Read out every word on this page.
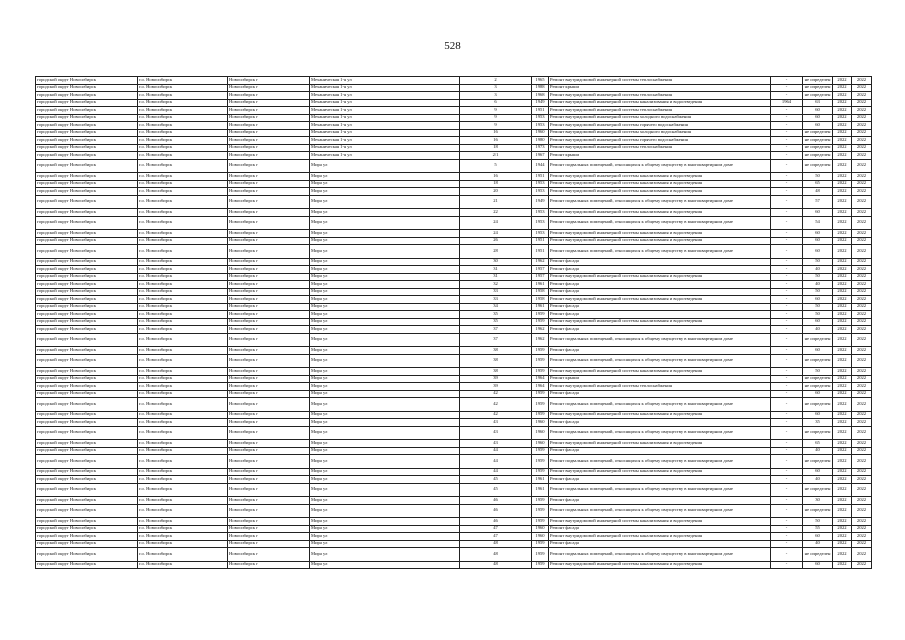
528
городской округ Новосибирск	г.о. Новосибирск	Новосибирск г	Механическая 1-я ул	2	1965	Ремонт внутридомовой инженерной системы теплоснабжения	-	не определен	2022	2022
городской округ Новосибирск	г.о. Новосибирск	Новосибирск г	Механическая 1-я ул	3	1988	Ремонт крыши	-	не определен	2022	2022
городской округ Новосибирск	г.о. Новосибирск	Новосибирск г	Механическая 1-я ул	3	1968	Ремонт внутридомовой инженерной системы теплоснабжения	-	не определен	2022	2022
городской округ Новосибирск	г.о. Новосибирск	Новосибирск г	Механическая 1-я ул	6	1949	Ремонт внутридомовой инженерной системы канализования и водоотведения	1964	63	2022	2022
городской округ Новосибирск	г.о. Новосибирск	Новосибирск г	Механическая 1-я ул	9	1951	Ремонт внутридомовой инженерной системы теплоснабжения	-	60	2022	2022
городской округ Новосибирск	г.о. Новосибирск	Новосибирск г	Механическая 1-я ул	9	1953	Ремонт внутридомовой инженерной системы холодного водоснабжения	-	60	2022	2022
городской округ Новосибирск	г.о. Новосибирск	Новосибирск г	Механическая 1-я ул	9	1953	Ремонт внутридомовой инженерной системы горячего водоснабжения	-	60	2022	2022
городской округ Новосибирск	г.о. Новосибирск	Новосибирск г	Механическая 1-я ул	16	1960	Ремонт внутридомовой инженерной системы холодного водоснабжения	-	не определен	2022	2022
городской округ Новосибирск	г.о. Новосибирск	Новосибирск г	Механическая 1-я ул	16	1980	Ремонт внутридомовой инженерной системы горячего водоснабжения	-	не определен	2022	2022
городской округ Новосибирск	г.о. Новосибирск	Новосибирск г	Механическая 1-я ул	18	1973	Ремонт внутридомовой инженерной системы теплоснабжения	-	не определен	2022	2022
городской округ Новосибирск	г.о. Новосибирск	Новосибирск г	Механическая 1-я ул	2/1	1967	Ремонт крыши	-	не определен	2022	2022
городской округ Новосибирск	г.о. Новосибирск	Новосибирск г	Мира ул	5	1944	Ремонт подвальных помещений, относящихся к общему имуществу в многоквартирном доме	-	не определен	2022	2022
городской округ Новосибирск	г.о. Новосибирск	Новосибирск г	Мира ул	16	1951	Ремонт внутридомовой инженерной системы канализования и водоотведения	-	50	2022	2022
городской округ Новосибирск	г.о. Новосибирск	Новосибирск г	Мира ул	18	1953	Ремонт внутридомовой инженерной системы канализования и водоотведения	-	65	2022	2022
городской округ Новосибирск	г.о. Новосибирск	Новосибирск г	Мира ул	20	1953	Ремонт внутридомовой инженерной системы канализования и водоотведения	-	48	2022	2022
городской округ Новосибирск	г.о. Новосибирск	Новосибирск г	Мира ул	21	1949	Ремонт подвальных помещений, относящихся к общему имуществу в многоквартирном доме	-	57	2022	2022
городской округ Новосибирск	г.о. Новосибирск	Новосибирск г	Мира ул	22	1953	Ремонт внутридомовой инженерной системы канализования и водоотведения	-	60	2022	2022
городской округ Новосибирск	г.о. Новосибирск	Новосибирск г	Мира ул	24	1953	Ремонт подвальных помещений, относящихся к общему имуществу в многоквартирном доме	-	54	2022	2022
городской округ Новосибирск	г.о. Новосибирск	Новосибирск г	Мира ул	24	1953	Ремонт внутридомовой инженерной системы канализования и водоотведения	-	60	2022	2022
городской округ Новосибирск	г.о. Новосибирск	Новосибирск г	Мира ул	26	1951	Ремонт внутридомовой инженерной системы канализования и водоотведения	-	60	2022	2022
городской округ Новосибирск	г.о. Новосибирск	Новосибирск г	Мира ул	28	1951	Ремонт подвальных помещений, относящихся к общему имуществу в многоквартирном доме	-	60	2022	2022
городской округ Новосибирск	г.о. Новосибирск	Новосибирск г	Мира ул	30	1962	Ремонт фасада	-	50	2022	2022
городской округ Новосибирск	г.о. Новосибирск	Новосибирск г	Мира ул	31	1957	Ремонт фасада	-	40	2022	2022
городской округ Новосибирск	г.о. Новосибирск	Новосибирск г	Мира ул	31	1957	Ремонт внутридомовой инженерной системы канализования и водоотведения	-	50	2022	2022
городской округ Новосибирск	г.о. Новосибирск	Новосибирск г	Мира ул	32	1961	Ремонт фасада	-	40	2022	2022
городской округ Новосибирск	г.о. Новосибирск	Новосибирск г	Мира ул	33	1958	Ремонт фасада	-	50	2022	2022
городской округ Новосибирск	г.о. Новосибирск	Новосибирск г	Мира ул	33	1958	Ремонт внутридомовой инженерной системы канализования и водоотведения	-	60	2022	2022
городской округ Новосибирск	г.о. Новосибирск	Новосибирск г	Мира ул	34	1961	Ремонт фасада	-	50	2022	2022
городской округ Новосибирск	г.о. Новосибирск	Новосибирск г	Мира ул	35	1959	Ремонт фасада	-	50	2022	2022
городской округ Новосибирск	г.о. Новосибирск	Новосибирск г	Мира ул	35	1959	Ремонт внутридомовой инженерной системы канализования и водоотведения	-	60	2022	2022
городской округ Новосибирск	г.о. Новосибирск	Новосибирск г	Мира ул	37	1962	Ремонт фасада	-	40	2022	2022
городской округ Новосибирск	г.о. Новосибирск	Новосибирск г	Мира ул	37	1962	Ремонт подвальных помещений, относящихся к общему имуществу в многоквартирном доме	-	не определен	2022	2022
городской округ Новосибирск	г.о. Новосибирск	Новосибирск г	Мира ул	38	1959	Ремонт фасада	-	60	2022	2022
городской округ Новосибирск	г.о. Новосибирск	Новосибирск г	Мира ул	38	1959	Ремонт подвальных помещений, относящихся к общему имуществу в многоквартирном доме	-	не определен	2022	2022
городской округ Новосибирск	г.о. Новосибирск	Новосибирск г	Мира ул	38	1959	Ремонт внутридомовой инженерной системы канализования и водоотведения	-	50	2022	2022
городской округ Новосибирск	г.о. Новосибирск	Новосибирск г	Мира ул	39	1964	Ремонт крыши	-	не определен	2022	2022
городской округ Новосибирск	г.о. Новосибирск	Новосибирск г	Мира ул	39	1964	Ремонт внутридомовой инженерной системы теплоснабжения	-	не определен	2022	2022
городской округ Новосибирск	г.о. Новосибирск	Новосибирск г	Мира ул	42	1959	Ремонт фасада	-	60	2022	2022
городской округ Новосибирск	г.о. Новосибирск	Новосибирск г	Мира ул	42	1959	Ремонт подвальных помещений, относящихся к общему имуществу в многоквартирном доме	-	не определен	2022	2022
городской округ Новосибирск	г.о. Новосибирск	Новосибирск г	Мира ул	42	1959	Ремонт внутридомовой инженерной системы канализования и водоотведения	-	60	2022	2022
городской округ Новосибирск	г.о. Новосибирск	Новосибирск г	Мира ул	43	1960	Ремонт фасада	-	35	2022	2022
городской округ Новосибирск	г.о. Новосибирск	Новосибирск г	Мира ул	43	1960	Ремонт подвальных помещений, относящихся к общему имуществу в многоквартирном доме	-	не определен	2022	2022
городской округ Новосибирск	г.о. Новосибирск	Новосибирск г	Мира ул	43	1960	Ремонт внутридомовой инженерной системы канализования и водоотведения	-	65	2022	2022
городской округ Новосибирск	г.о. Новосибирск	Новосибирск г	Мира ул	44	1959	Ремонт фасада	-	40	2022	2022
городской округ Новосибирск	г.о. Новосибирск	Новосибирск г	Мира ул	44	1959	Ремонт подвальных помещений, относящихся к общему имуществу в многоквартирном доме	-	не определен	2022	2022
городской округ Новосибирск	г.о. Новосибирск	Новосибирск г	Мира ул	44	1959	Ремонт внутридомовой инженерной системы канализования и водоотведения	-	60	2022	2022
городской округ Новосибирск	г.о. Новосибирск	Новосибирск г	Мира ул	45	1961	Ремонт фасада	-	40	2022	2022
городской округ Новосибирск	г.о. Новосибирск	Новосибирск г	Мира ул	45	1961	Ремонт подвальных помещений, относящихся к общему имуществу в многоквартирном доме	-	не определен	2022	2022
городской округ Новосибирск	г.о. Новосибирск	Новосибирск г	Мира ул	46	1959	Ремонт фасада	-	30	2022	2022
городской округ Новосибирск	г.о. Новосибирск	Новосибирск г	Мира ул	46	1959	Ремонт подвальных помещений, относящихся к общему имуществу в многоквартирном доме	-	не определен	2022	2022
городской округ Новосибирск	г.о. Новосибирск	Новосибирск г	Мира ул	46	1959	Ремонт внутридомовой инженерной системы канализования и водоотведения	-	50	2022	2022
городской округ Новосибирск	г.о. Новосибирск	Новосибирск г	Мира ул	47	1960	Ремонт фасада	-	55	2022	2022
городской округ Новосибирск	г.о. Новосибирск	Новосибирск г	Мира ул	47	1960	Ремонт внутридомовой инженерной системы канализования и водоотведения	-	60	2022	2022
городской округ Новосибирск	г.о. Новосибирск	Новосибирск г	Мира ул	48	1959	Ремонт фасада	-	40	2022	2022
городской округ Новосибирск	г.о. Новосибирск	Новосибирск г	Мира ул	48	1959	Ремонт подвальных помещений, относящихся к общему имуществу в многоквартирном доме	-	не определен	2022	2022
городской округ Новосибирск	г.о. Новосибирск	Новосибирск г	Мира ул	48	1959	Ремонт внутридомовой инженерной системы канализования и водоотведения	-	60	2022	2022
